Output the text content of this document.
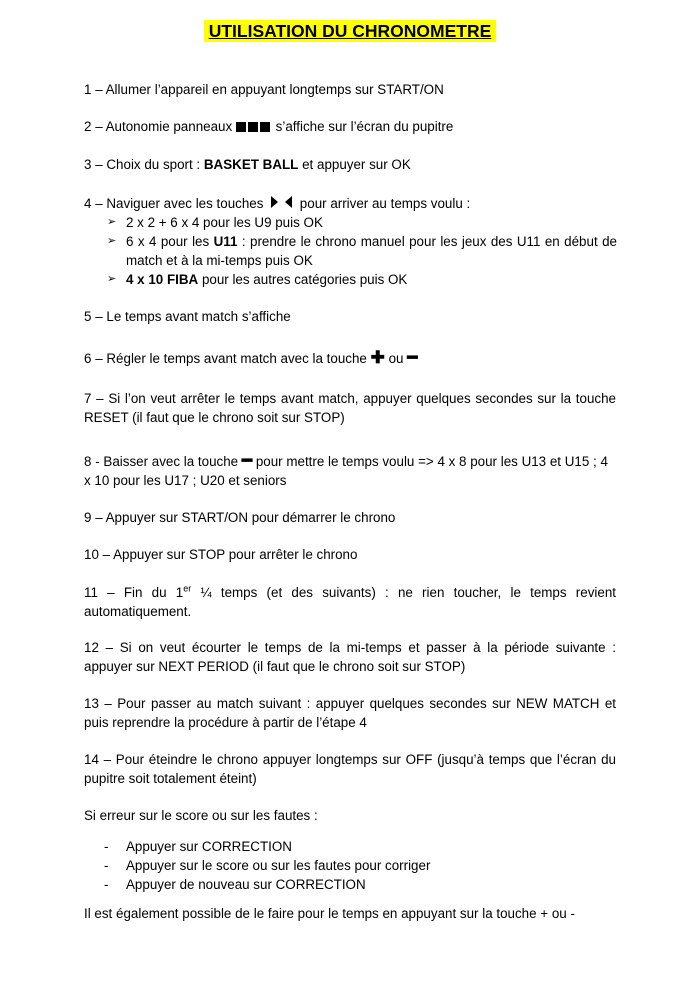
UTILISATION DU CHRONOMETRE

1 – Allumer l’appareil en appuyant longtemps sur START/ON

2 – Autonomie panneaux	s’affiche sur l’écran du pupitre

3 – Choix du sport : BASKET BALL et appuyer sur OK

4 – Naviguer avec les touches	pour arriver au temps voulu :

➢ 2 x 2 + 6 x 4 pour les U9 puis OK
➢ 6 x 4 pour les U11 : prendre le chrono manuel pour les jeux des U11 en début de match et à la mi-temps puis OK
➢ 4 x 10 FIBA pour les autres catégories puis OK

5 – Le temps avant match s’affiche

6 – Régler le temps avant match avec la touche ✚ ou ━

7 – Si l’on veut arrêter le temps avant match, appuyer quelques secondes sur la touche RESET (il faut que le chrono soit sur STOP)

8 - Baisser avec la touche ━ pour mettre le temps voulu => 4 x 8 pour les U13 et U15 ; 4 x 10 pour les U17 ; U20 et seniors

9 – Appuyer sur START/ON pour démarrer le chrono

10 – Appuyer sur STOP pour arrêter le chrono

11 – Fin du 1er ¼ temps (et des suivants) : ne rien toucher, le temps revient automatiquement.

12 – Si on veut écourter le temps de la mi-temps et passer à la période suivante : appuyer sur NEXT PERIOD (il faut que le chrono soit sur STOP)

13 – Pour passer au match suivant : appuyer quelques secondes sur NEW MATCH et puis reprendre la procédure à partir de l’étape 4

14 – Pour éteindre le chrono appuyer longtemps sur OFF (jusqu’à temps que l’écran du pupitre soit totalement éteint)

Si erreur sur le score ou sur les fautes :

- Appuyer sur CORRECTION
- Appuyer sur le score ou sur les fautes pour corriger
- Appuyer de nouveau sur CORRECTION

Il est également possible de le faire pour le temps en appuyant sur la touche + ou -
